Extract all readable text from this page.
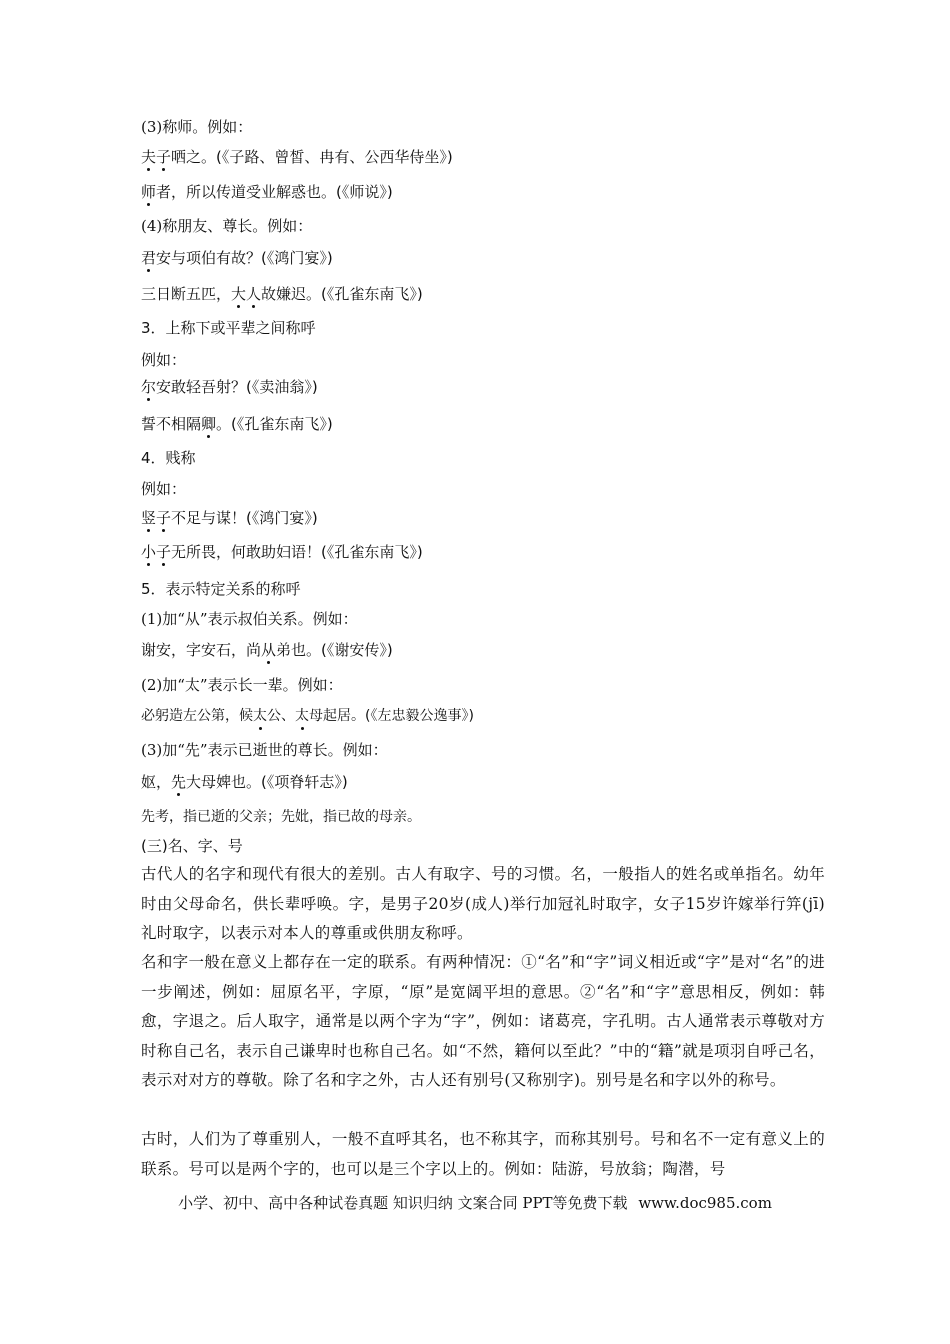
(3)称师。例如：
夫子哂之。(《子路、曾皙、冉有、公西华侍坐》)
师者，所以传道受业解惑也。(《师说》)
(4)称朋友、尊长。例如：
君安与项伯有故？(《鸿门宴》)
三日断五匹，大人故嫌迟。(《孔雀东南飞》)
3．上称下或平辈之间称呼
例如：
尔安敢轻吾射？(《卖油翁》)
誓不相隔卿。(《孔雀东南飞》)
4．贱称
例如：
竖子不足与谋！(《鸿门宴》)
小子无所畏，何敢助妇语！(《孔雀东南飞》)
5．表示特定关系的称呼
(1)加“从”表示叔伯关系。例如：
谢安，字安石，尚从弟也。(《谢安传》)
(2)加“太”表示长一辈。例如：
必躬造左公第，候太公、太母起居。(《左忠毅公逸事》)
(3)加“先”表示已逝世的尊长。例如：
妪，先大母婢也。(《项脊轩志》)
先考，指已逝的父亲；先妣，指已故的母亲。
(三)名、字、号
古代人的名字和现代有很大的差别。古人有取字、号的习惯。名，一般指人的姓名或单指名。幼年时由父母命名，供长辈呼唤。字，是男子20岁(成人)举行加冠礼时取字，女子15岁许嫁举行笄(jī)礼时取字，以表示对本人的尊重或供朋友称呼。
名和字一般在意义上都存在一定的联系。有两种情况：①“名”和“字”词义相近或“字”是对“名”的进一步阐述，例如：屈原名平，字原，“原”是宽阔平坦的意思。②“名”和“字”意思相反，例如：韩愈，字退之。后人取字，通常是以两个字为“字”，例如：诸葛亮，字孔明。古人通常表示尊敬对方时称自己名，表示自己谦卑时也称自己名。如“不然，籍何以至此？”中的“籍”就是项羽自呼己名，表示对对方的尊敬。除了名和字之外，古人还有别号(又称别字)。别号是名和字以外的称号。
古时，人们为了尊重别人，一般不直呼其名，也不称其字，而称其别号。号和名不一定有意义上的联系。号可以是两个字的，也可以是三个字以上的。例如：陆游，号放翁；陶潜，号
小学、初中、高中各种试卷真题 知识归纳 文案合同 PPT等免费下载 www.doc985.com
